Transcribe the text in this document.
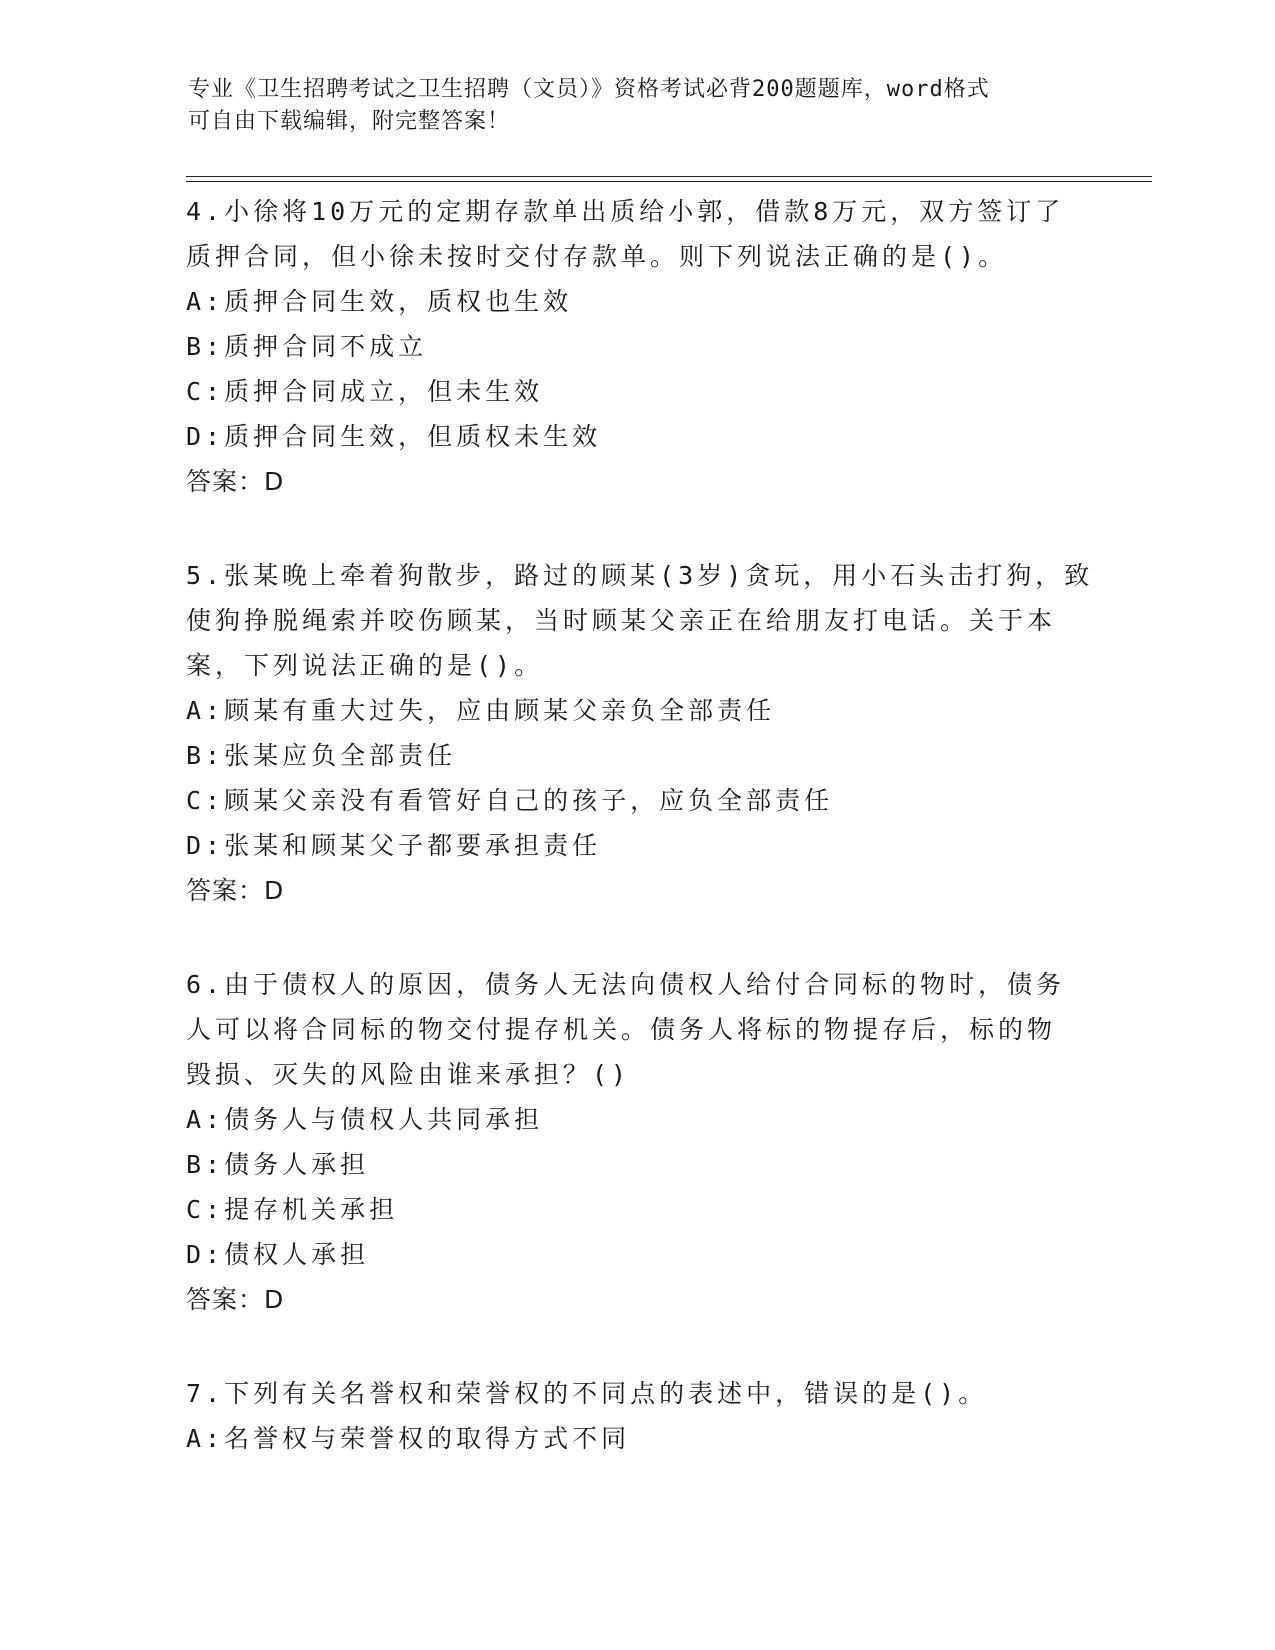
专业《卫生招聘考试之卫生招聘（文员）》资格考试必背200题题库，word格式
可自由下载编辑，附完整答案！
4.小徐将10万元的定期存款单出质给小郭，借款8万元，双方签订了
质押合同，但小徐未按时交付存款单。则下列说法正确的是()。
A:质押合同生效，质权也生效
B:质押合同不成立
C:质押合同成立，但未生效
D:质押合同生效，但质权未生效
答案：D
5.张某晚上牵着狗散步，路过的顾某(3岁)贪玩，用小石头击打狗，致
使狗挣脱绳索并咬伤顾某，当时顾某父亲正在给朋友打电话。关于本
案，下列说法正确的是()。
A:顾某有重大过失，应由顾某父亲负全部责任
B:张某应负全部责任
C:顾某父亲没有看管好自己的孩子，应负全部责任
D:张某和顾某父子都要承担责任
答案：D
6.由于债权人的原因，债务人无法向债权人给付合同标的物时，债务
人可以将合同标的物交付提存机关。债务人将标的物提存后，标的物
毁损、灭失的风险由谁来承担？()
A:债务人与债权人共同承担
B:债务人承担
C:提存机关承担
D:债权人承担
答案：D
7.下列有关名誉权和荣誉权的不同点的表述中，错误的是()。
A:名誉权与荣誉权的取得方式不同
